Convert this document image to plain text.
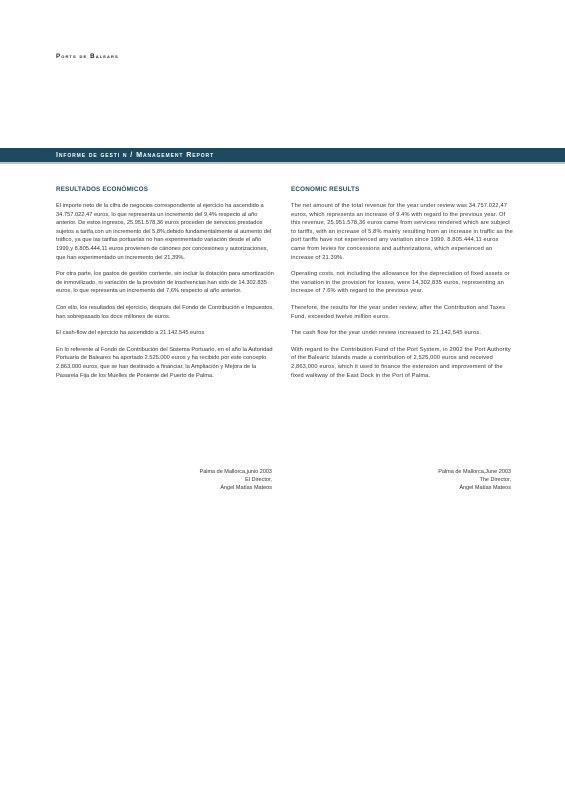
Ports de Balears
Informe de gesti n / Management Report
RESULTADOS ECONÓMICOS

El importe neto de la cifra de negocios correspondiente al ejercicio ha ascendido a 34.757.022,47 euros, lo que representa un incremento del 9,4% respecto al año anterior. De estos ingresos, 25.951.578,36 euros proceden de servicios prestados sujetos a tarifa,con un incremento del 5,8%,debido fundamentalmente al aumento del tráfico, ya que las tarifas portuarias no han experimentado variación desde el año 1999,y 8.805.444,11 euros provienen de cánones por concesiones y autorizaciones, que han experimentado un incremento del 21,39%.

Por otra parte, los gastos de gestión corriente, sin incluir la dotación para amortización de inmovilizado, ni variación de la provisión de insolvencias han sido de 14.302.835 euros, lo que representa un incremento del 7,6% respecto al año anterior.

Con ello, los resultados del ejercicio, después del Fondo de Contribución e Impuestos, han sobrepasado los doce millones de euros.

El cash-flow del ejercicio ha ascendido a 21.142.545 euros

En lo referente al Fondo de Contribución del Sistema Portuario, en el año la Autoridad Portuaria de Baleares ha aportado 2.525.000 euros y ha recibido por este concepto 2.863.000 euros, que se han destinado a financiar, la Ampliación y Mejora de la Pasarela Fija de los Muelles de Poniente del Puerto de Palma.

ECONOMIC RESULTS

The net amount of the total revenue for the year under review was 34.757.022,47 euros, which represents an increase of 9.4% with regard to the previous year. Of this revenue, 25.951.578,36 euros came from services rendered which are subject to tariffs, with an increase of 5.8% mainly resulting from an increase in traffic as the port tariffs have not experienced any variation since 1999. 8.805.444,11 euros came from levies for concessions and authorizations, which experienced an increase of 21.39%.

Operating costs, not including the allowance for the depreciation of fixed assets or the variation in the provision for losses, were 14,302,835 euros, representing an increase of 7.6% with regard to the previous year.

Therefore, the results for the year under review, after the Contribution and Taxes Fund, exceeded twelve million euros.

The cash flow for the year under review increased to 21,142,545 euros.

With regard to the Contribution Fund of the Port System, in 2002 the Port Authority of the Balearic Islands made a contribution of 2,525,000 euros and received 2,863,000 euros, which it used to finance the extension and improvement of the fixed walkway of the East Dock in the Port of Palma.

Palma de Mallorca,junio 2003
El Director,
Ángel Matías Mateos
Palma de Mallorca,June 2003
The Director,
Ángel Matías Mateos
